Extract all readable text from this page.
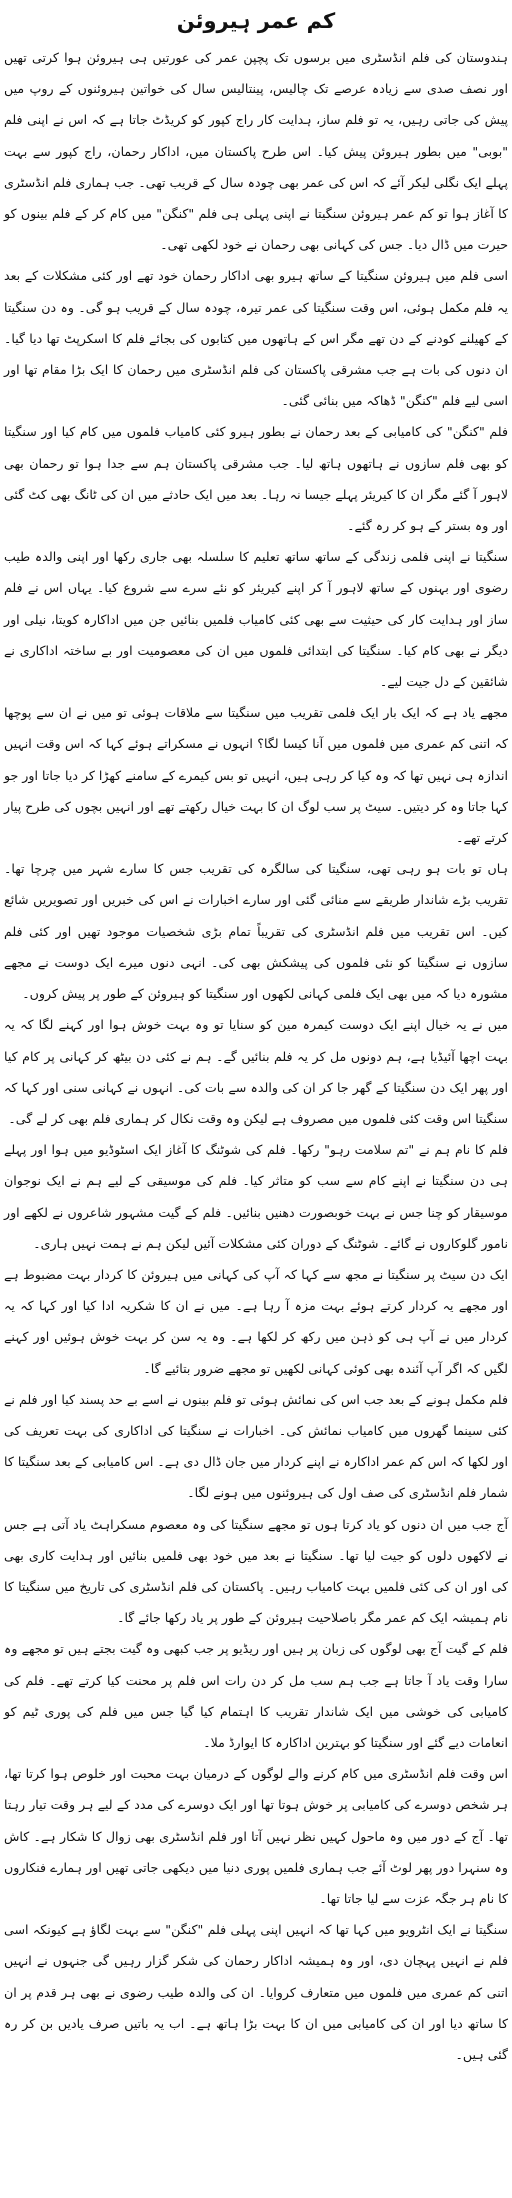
کم عمر ہیروئن

ہندوستان کی فلم انڈسٹری میں برسوں تک پچپن عمر کی عورتیں ہی ہیروئن ہوا کرتی تھیں اور نصف صدی سے زیادہ عرصے تک چالیس، پینتالیس سال کی خواتین ہیروئنوں کے روپ میں پیش کی جاتی رہیں، یہ تو فلم ساز، ہدایت کار راج کپور کو کریڈٹ جاتا ہے کہ اس نے اپنی فلم "بوبی" میں بطور ہیروئن پیش کیا۔ اس طرح پاکستان میں، اداکار رحمان، راج کپور سے بہت پہلے ایک نگلی لیکر آئے کہ اس کی عمر بھی چودہ سال کے قریب تھی۔ جب ہماری فلم انڈسٹری کا آغاز ہوا تو کم عمر ہیروئن سنگیتا نے اپنی پہلی ہی فلم "کنگن" میں کام کر کے فلم بینوں کو حیرت میں ڈال دیا۔ جس کی کہانی بھی رحمان نے خود لکھی تھی۔

اسی فلم میں ہیروئن سنگیتا کے ساتھ ہیرو بھی اداکار رحمان خود تھے اور کئی مشکلات کے بعد یہ فلم مکمل ہوئی، اس وقت سنگیتا کی عمر تیرہ، چودہ سال کے قریب ہو گی۔ وہ دن سنگیتا کے کھیلنے کودنے کے دن تھے مگر اس کے ہاتھوں میں کتابوں کی بجائے فلم کا اسکرپٹ تھا دیا گیا۔ ان دنوں کی بات ہے جب مشرقی پاکستان کی فلم انڈسٹری میں رحمان کا ایک بڑا مقام تھا اور اسی لیے فلم "کنگن" ڈھاکہ میں بنائی گئی۔

فلم "کنگن" کی کامیابی کے بعد رحمان نے بطور ہیرو کئی کامیاب فلموں میں کام کیا اور سنگیتا کو بھی فلم سازوں نے ہاتھوں ہاتھ لیا۔ جب مشرقی پاکستان ہم سے جدا ہوا تو رحمان بھی لاہور آ گئے مگر ان کا کیریئر پہلے جیسا نہ رہا۔ بعد میں ایک حادثے میں ان کی ٹانگ بھی کٹ گئی اور وہ بستر کے ہو کر رہ گئے۔

سنگیتا نے اپنی فلمی زندگی کے ساتھ ساتھ تعلیم کا سلسلہ بھی جاری رکھا اور اپنی والدہ طیب رضوی اور بہنوں کے ساتھ لاہور آ کر اپنے کیریئر کو نئے سرے سے شروع کیا۔ یہاں اس نے فلم ساز اور ہدایت کار کی حیثیت سے بھی کئی کامیاب فلمیں بنائیں جن میں اداکارہ کویتا، نیلی اور دیگر نے بھی کام کیا۔ سنگیتا کی ابتدائی فلموں میں ان کی معصومیت اور بے ساختہ اداکاری نے شائقین کے دل جیت لیے۔

مجھے یاد ہے کہ ایک بار ایک فلمی تقریب میں سنگیتا سے ملاقات ہوئی تو میں نے ان سے پوچھا کہ اتنی کم عمری میں فلموں میں آنا کیسا لگا؟ انہوں نے مسکراتے ہوئے کہا کہ اس وقت انہیں اندازہ ہی نہیں تھا کہ وہ کیا کر رہی ہیں، انہیں تو بس کیمرے کے سامنے کھڑا کر دیا جاتا اور جو کہا جاتا وہ کر دیتیں۔ سیٹ پر سب لوگ ان کا بہت خیال رکھتے تھے اور انہیں بچوں کی طرح پیار کرتے تھے۔

ہاں تو بات ہو رہی تھی، سنگیتا کی سالگرہ کی تقریب جس کا سارے شہر میں چرچا تھا۔ تقریب بڑے شاندار طریقے سے منائی گئی اور سارے اخبارات نے اس کی خبریں اور تصویریں شائع کیں۔ اس تقریب میں فلم انڈسٹری کی تقریباً تمام بڑی شخصیات موجود تھیں اور کئی فلم سازوں نے سنگیتا کو نئی فلموں کی پیشکش بھی کی۔ انہی دنوں میرے ایک دوست نے مجھے مشورہ دیا کہ میں بھی ایک فلمی کہانی لکھوں اور سنگیتا کو ہیروئن کے طور پر پیش کروں۔

میں نے یہ خیال اپنے ایک دوست کیمرہ مین کو سنایا تو وہ بہت خوش ہوا اور کہنے لگا کہ یہ بہت اچھا آئیڈیا ہے، ہم دونوں مل کر یہ فلم بنائیں گے۔ ہم نے کئی دن بیٹھ کر کہانی پر کام کیا اور پھر ایک دن سنگیتا کے گھر جا کر ان کی والدہ سے بات کی۔ انہوں نے کہانی سنی اور کہا کہ سنگیتا اس وقت کئی فلموں میں مصروف ہے لیکن وہ وقت نکال کر ہماری فلم بھی کر لے گی۔

فلم کا نام ہم نے "تم سلامت رہو" رکھا۔ فلم کی شوٹنگ کا آغاز ایک اسٹوڈیو میں ہوا اور پہلے ہی دن سنگیتا نے اپنے کام سے سب کو متاثر کیا۔ فلم کی موسیقی کے لیے ہم نے ایک نوجوان موسیقار کو چنا جس نے بہت خوبصورت دھنیں بنائیں۔ فلم کے گیت مشہور شاعروں نے لکھے اور نامور گلوکاروں نے گائے۔ شوٹنگ کے دوران کئی مشکلات آئیں لیکن ہم نے ہمت نہیں ہاری۔

ایک دن سیٹ پر سنگیتا نے مجھ سے کہا کہ آپ کی کہانی میں ہیروئن کا کردار بہت مضبوط ہے اور مجھے یہ کردار کرتے ہوئے بہت مزہ آ رہا ہے۔ میں نے ان کا شکریہ ادا کیا اور کہا کہ یہ کردار میں نے آپ ہی کو ذہن میں رکھ کر لکھا ہے۔ وہ یہ سن کر بہت خوش ہوئیں اور کہنے لگیں کہ اگر آپ آئندہ بھی کوئی کہانی لکھیں تو مجھے ضرور بتائیے گا۔

فلم مکمل ہونے کے بعد جب اس کی نمائش ہوئی تو فلم بینوں نے اسے بے حد پسند کیا اور فلم نے کئی سینما گھروں میں کامیاب نمائش کی۔ اخبارات نے سنگیتا کی اداکاری کی بہت تعریف کی اور لکھا کہ اس کم عمر اداکارہ نے اپنے کردار میں جان ڈال دی ہے۔ اس کامیابی کے بعد سنگیتا کا شمار فلم انڈسٹری کی صف اول کی ہیروئنوں میں ہونے لگا۔

آج جب میں ان دنوں کو یاد کرتا ہوں تو مجھے سنگیتا کی وہ معصوم مسکراہٹ یاد آتی ہے جس نے لاکھوں دلوں کو جیت لیا تھا۔ سنگیتا نے بعد میں خود بھی فلمیں بنائیں اور ہدایت کاری بھی کی اور ان کی کئی فلمیں بہت کامیاب رہیں۔ پاکستان کی فلم انڈسٹری کی تاریخ میں سنگیتا کا نام ہمیشہ ایک کم عمر مگر باصلاحیت ہیروئن کے طور پر یاد رکھا جائے گا۔

فلم کے گیت آج بھی لوگوں کی زبان پر ہیں اور ریڈیو پر جب کبھی وہ گیت بجتے ہیں تو مجھے وہ سارا وقت یاد آ جاتا ہے جب ہم سب مل کر دن رات اس فلم پر محنت کیا کرتے تھے۔ فلم کی کامیابی کی خوشی میں ایک شاندار تقریب کا اہتمام کیا گیا جس میں فلم کی پوری ٹیم کو انعامات دیے گئے اور سنگیتا کو بہترین اداکارہ کا ایوارڈ ملا۔

اس وقت فلم انڈسٹری میں کام کرنے والے لوگوں کے درمیان بہت محبت اور خلوص ہوا کرتا تھا، ہر شخص دوسرے کی کامیابی پر خوش ہوتا تھا اور ایک دوسرے کی مدد کے لیے ہر وقت تیار رہتا تھا۔ آج کے دور میں وہ ماحول کہیں نظر نہیں آتا اور فلم انڈسٹری بھی زوال کا شکار ہے۔ کاش وہ سنہرا دور پھر لوٹ آئے جب ہماری فلمیں پوری دنیا میں دیکھی جاتی تھیں اور ہمارے فنکاروں کا نام ہر جگہ عزت سے لیا جاتا تھا۔

سنگیتا نے ایک انٹرویو میں کہا تھا کہ انہیں اپنی پہلی فلم "کنگن" سے بہت لگاؤ ہے کیونکہ اسی فلم نے انہیں پہچان دی، اور وہ ہمیشہ اداکار رحمان کی شکر گزار رہیں گی جنہوں نے انہیں اتنی کم عمری میں فلموں میں متعارف کروایا۔ ان کی والدہ طیب رضوی نے بھی ہر قدم پر ان کا ساتھ دیا اور ان کی کامیابی میں ان کا بہت بڑا ہاتھ ہے۔ اب یہ باتیں صرف یادیں بن کر رہ گئی ہیں۔
